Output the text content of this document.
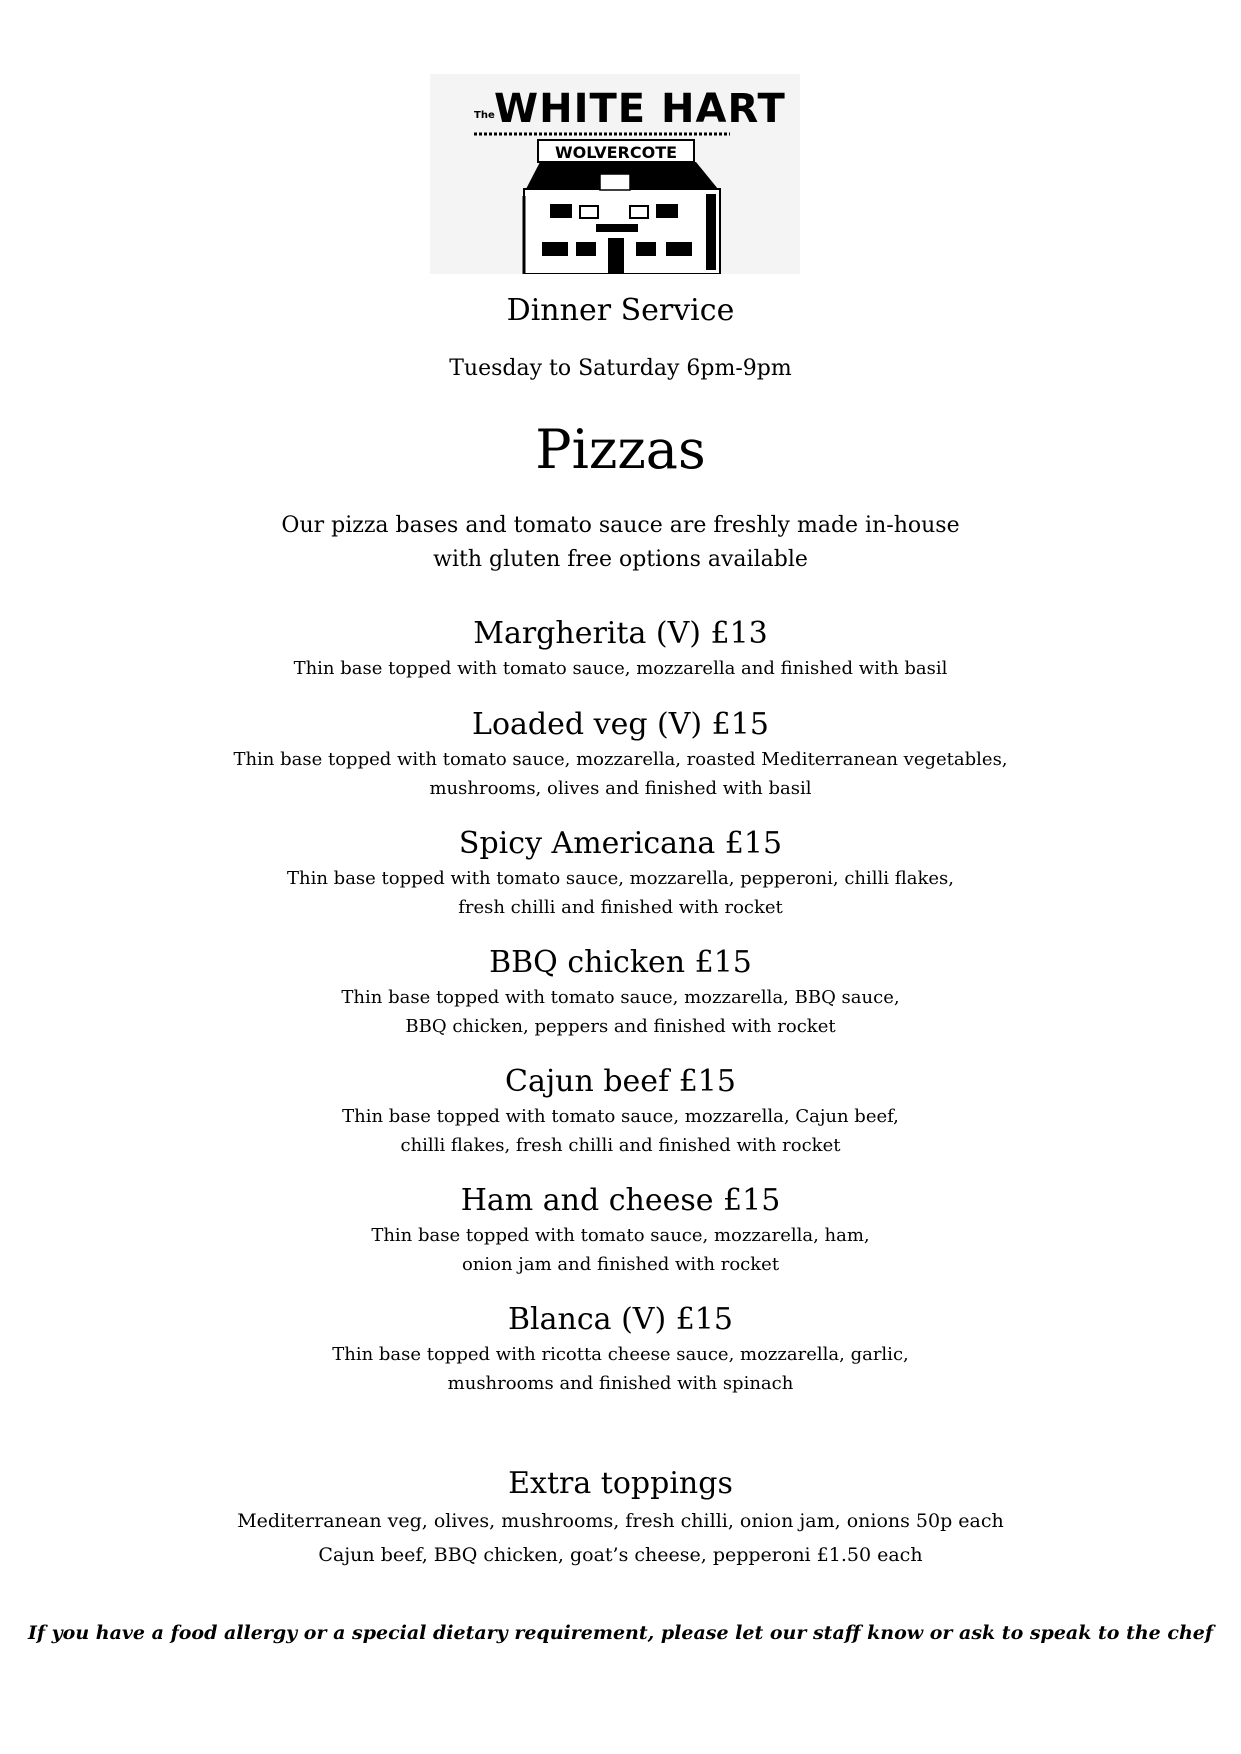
The WHITE HART
WOLVERCOTE
Dinner Service
Tuesday to Saturday 6pm-9pm
Pizzas
Our pizza bases and tomato sauce are freshly made in-house
with gluten free options available
Margherita (V) £13
Thin base topped with tomato sauce, mozzarella and finished with basil
Loaded veg (V) £15
Thin base topped with tomato sauce, mozzarella, roasted Mediterranean vegetables,
mushrooms, olives and finished with basil
Spicy Americana £15
Thin base topped with tomato sauce, mozzarella, pepperoni, chilli flakes,
fresh chilli and finished with rocket
BBQ chicken £15
Thin base topped with tomato sauce, mozzarella, BBQ sauce,
BBQ chicken, peppers and finished with rocket
Cajun beef £15
Thin base topped with tomato sauce, mozzarella, Cajun beef,
chilli flakes, fresh chilli and finished with rocket
Ham and cheese £15
Thin base topped with tomato sauce, mozzarella, ham,
onion jam and finished with rocket
Blanca (V) £15
Thin base topped with ricotta cheese sauce, mozzarella, garlic,
mushrooms and finished with spinach
Extra toppings
Mediterranean veg, olives, mushrooms, fresh chilli, onion jam, onions 50p each
Cajun beef, BBQ chicken, goat’s cheese, pepperoni £1.50 each
If you have a food allergy or a special dietary requirement, please let our staff know or ask to speak to the chef
